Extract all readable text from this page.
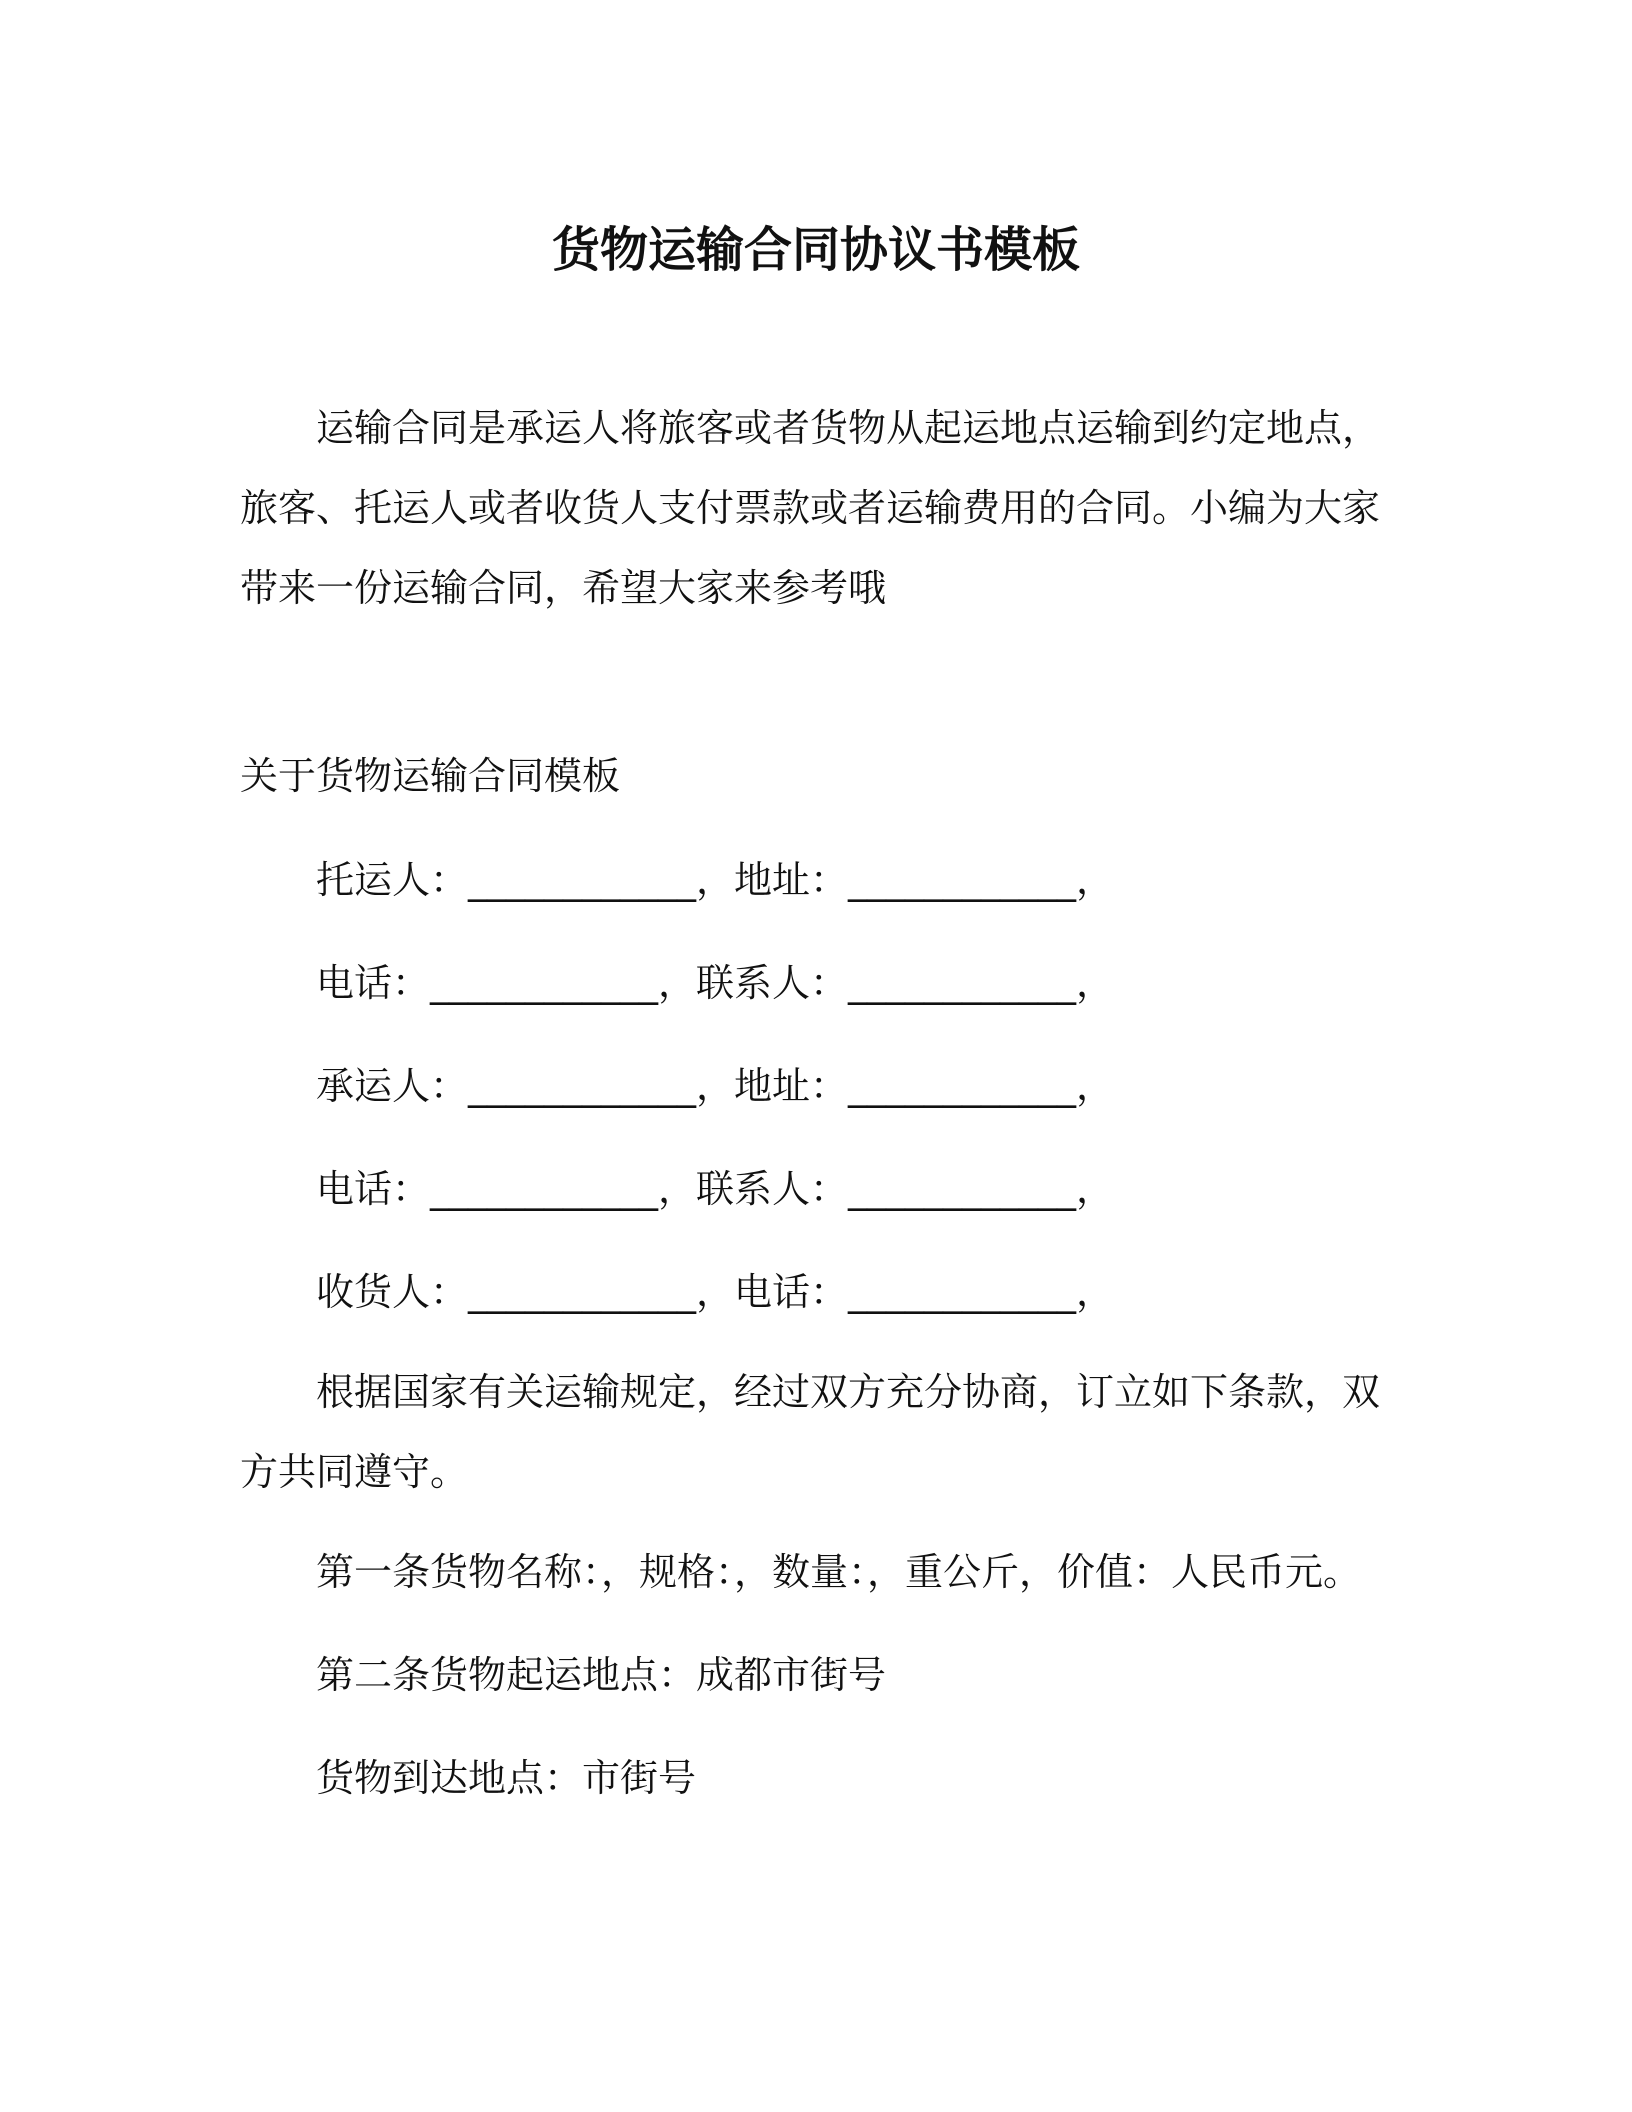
货物运输合同协议书模板

运输合同是承运人将旅客或者货物从起运地点运输到约定地点，旅客、托运人或者收货人支付票款或者运输费用的合同。小编为大家带来一份运输合同，希望大家来参考哦

关于货物运输合同模板

托运人：____________，地址：____________，

电话：____________，联系人：____________，

承运人：____________，地址：____________，

电话：____________，联系人：____________，

收货人：____________，电话：____________，

根据国家有关运输规定，经过双方充分协商，订立如下条款，双方共同遵守。

第一条货物名称：，规格：，数量：，重公斤，价值：人民币元。

第二条货物起运地点：成都市街号

货物到达地点：市街号
